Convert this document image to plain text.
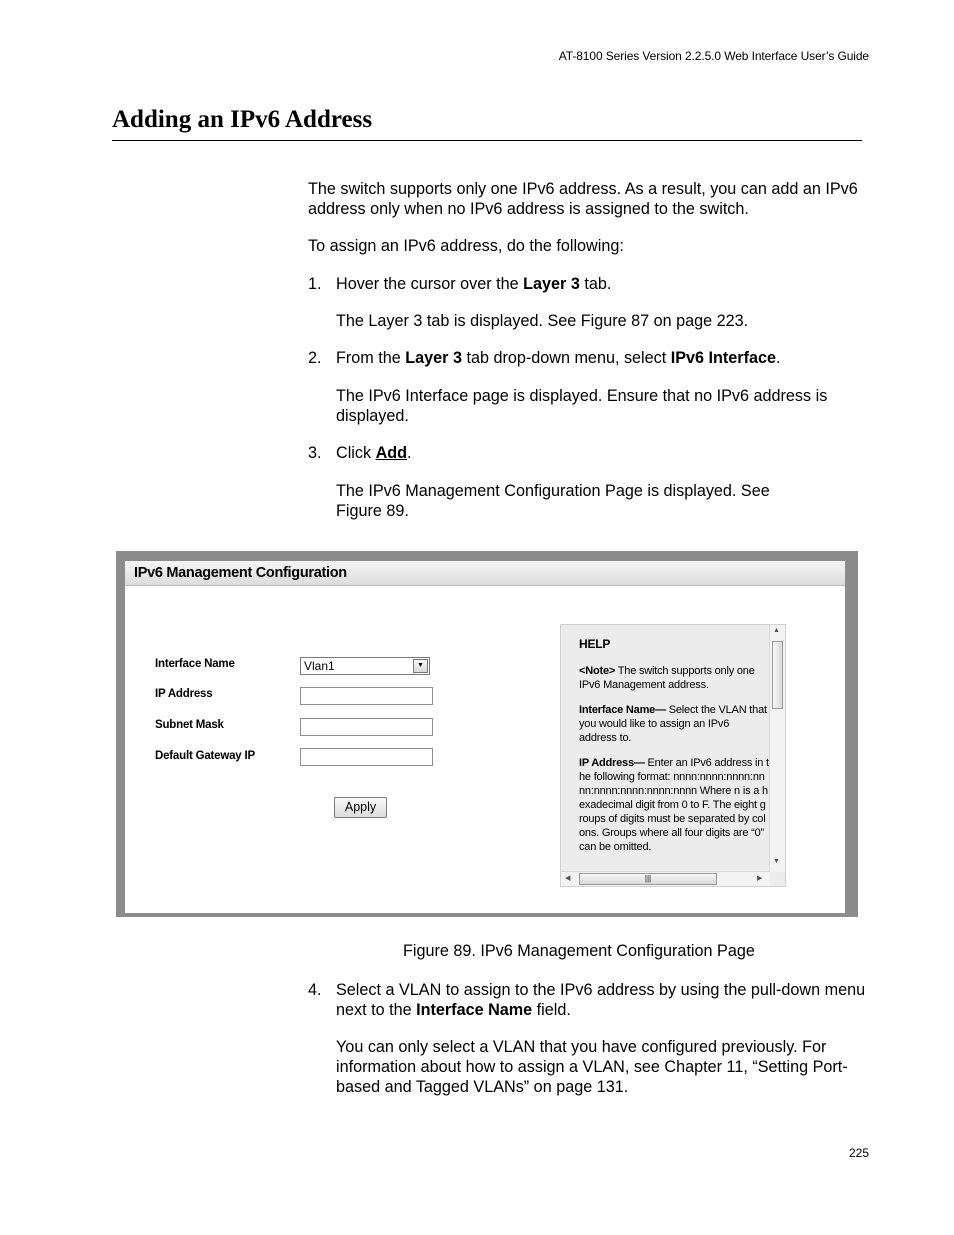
AT-8100 Series Version 2.2.5.0 Web Interface User’s Guide
Adding an IPv6 Address

The switch supports only one IPv6 address. As a result, you can add an IPv6 address only when no IPv6 address is assigned to the switch.

To assign an IPv6 address, do the following:

1. Hover the cursor over the Layer 3 tab.
The Layer 3 tab is displayed. See Figure 87 on page 223.
2. From the Layer 3 tab drop-down menu, select IPv6 Interface.
The IPv6 Interface page is displayed. Ensure that no IPv6 address is displayed.
3. Click Add.
The IPv6 Management Configuration Page is displayed. See Figure 89.
IPv6 Management Configuration
Interface Name	Vlan1	▼
IP Address
Subnet Mask
Default Gateway IP
Apply

HELP

<Note> The switch supports only one IPv6 Management address.

Interface Name— Select the VLAN that you would like to assign an IPv6 address to.

IP Address— Enter an IPv6 address in the following format: nnnn:nnnn:nnnn:nnnn:nnnn:nnnn:nnnn:nnnn Where n is a hexadecimal digit from 0 to F. The eight groups of digits must be separated by colons. Groups where all four digits are “0” can be omitted.

▲
▼
◀	|||	▶
Figure 89. IPv6 Management Configuration Page
4. Select a VLAN to assign to the IPv6 address by using the pull-down menu next to the Interface Name field.
You can only select a VLAN that you have configured previously. For information about how to assign a VLAN, see Chapter 11, “Setting Port-based and Tagged VLANs” on page 131.
225
